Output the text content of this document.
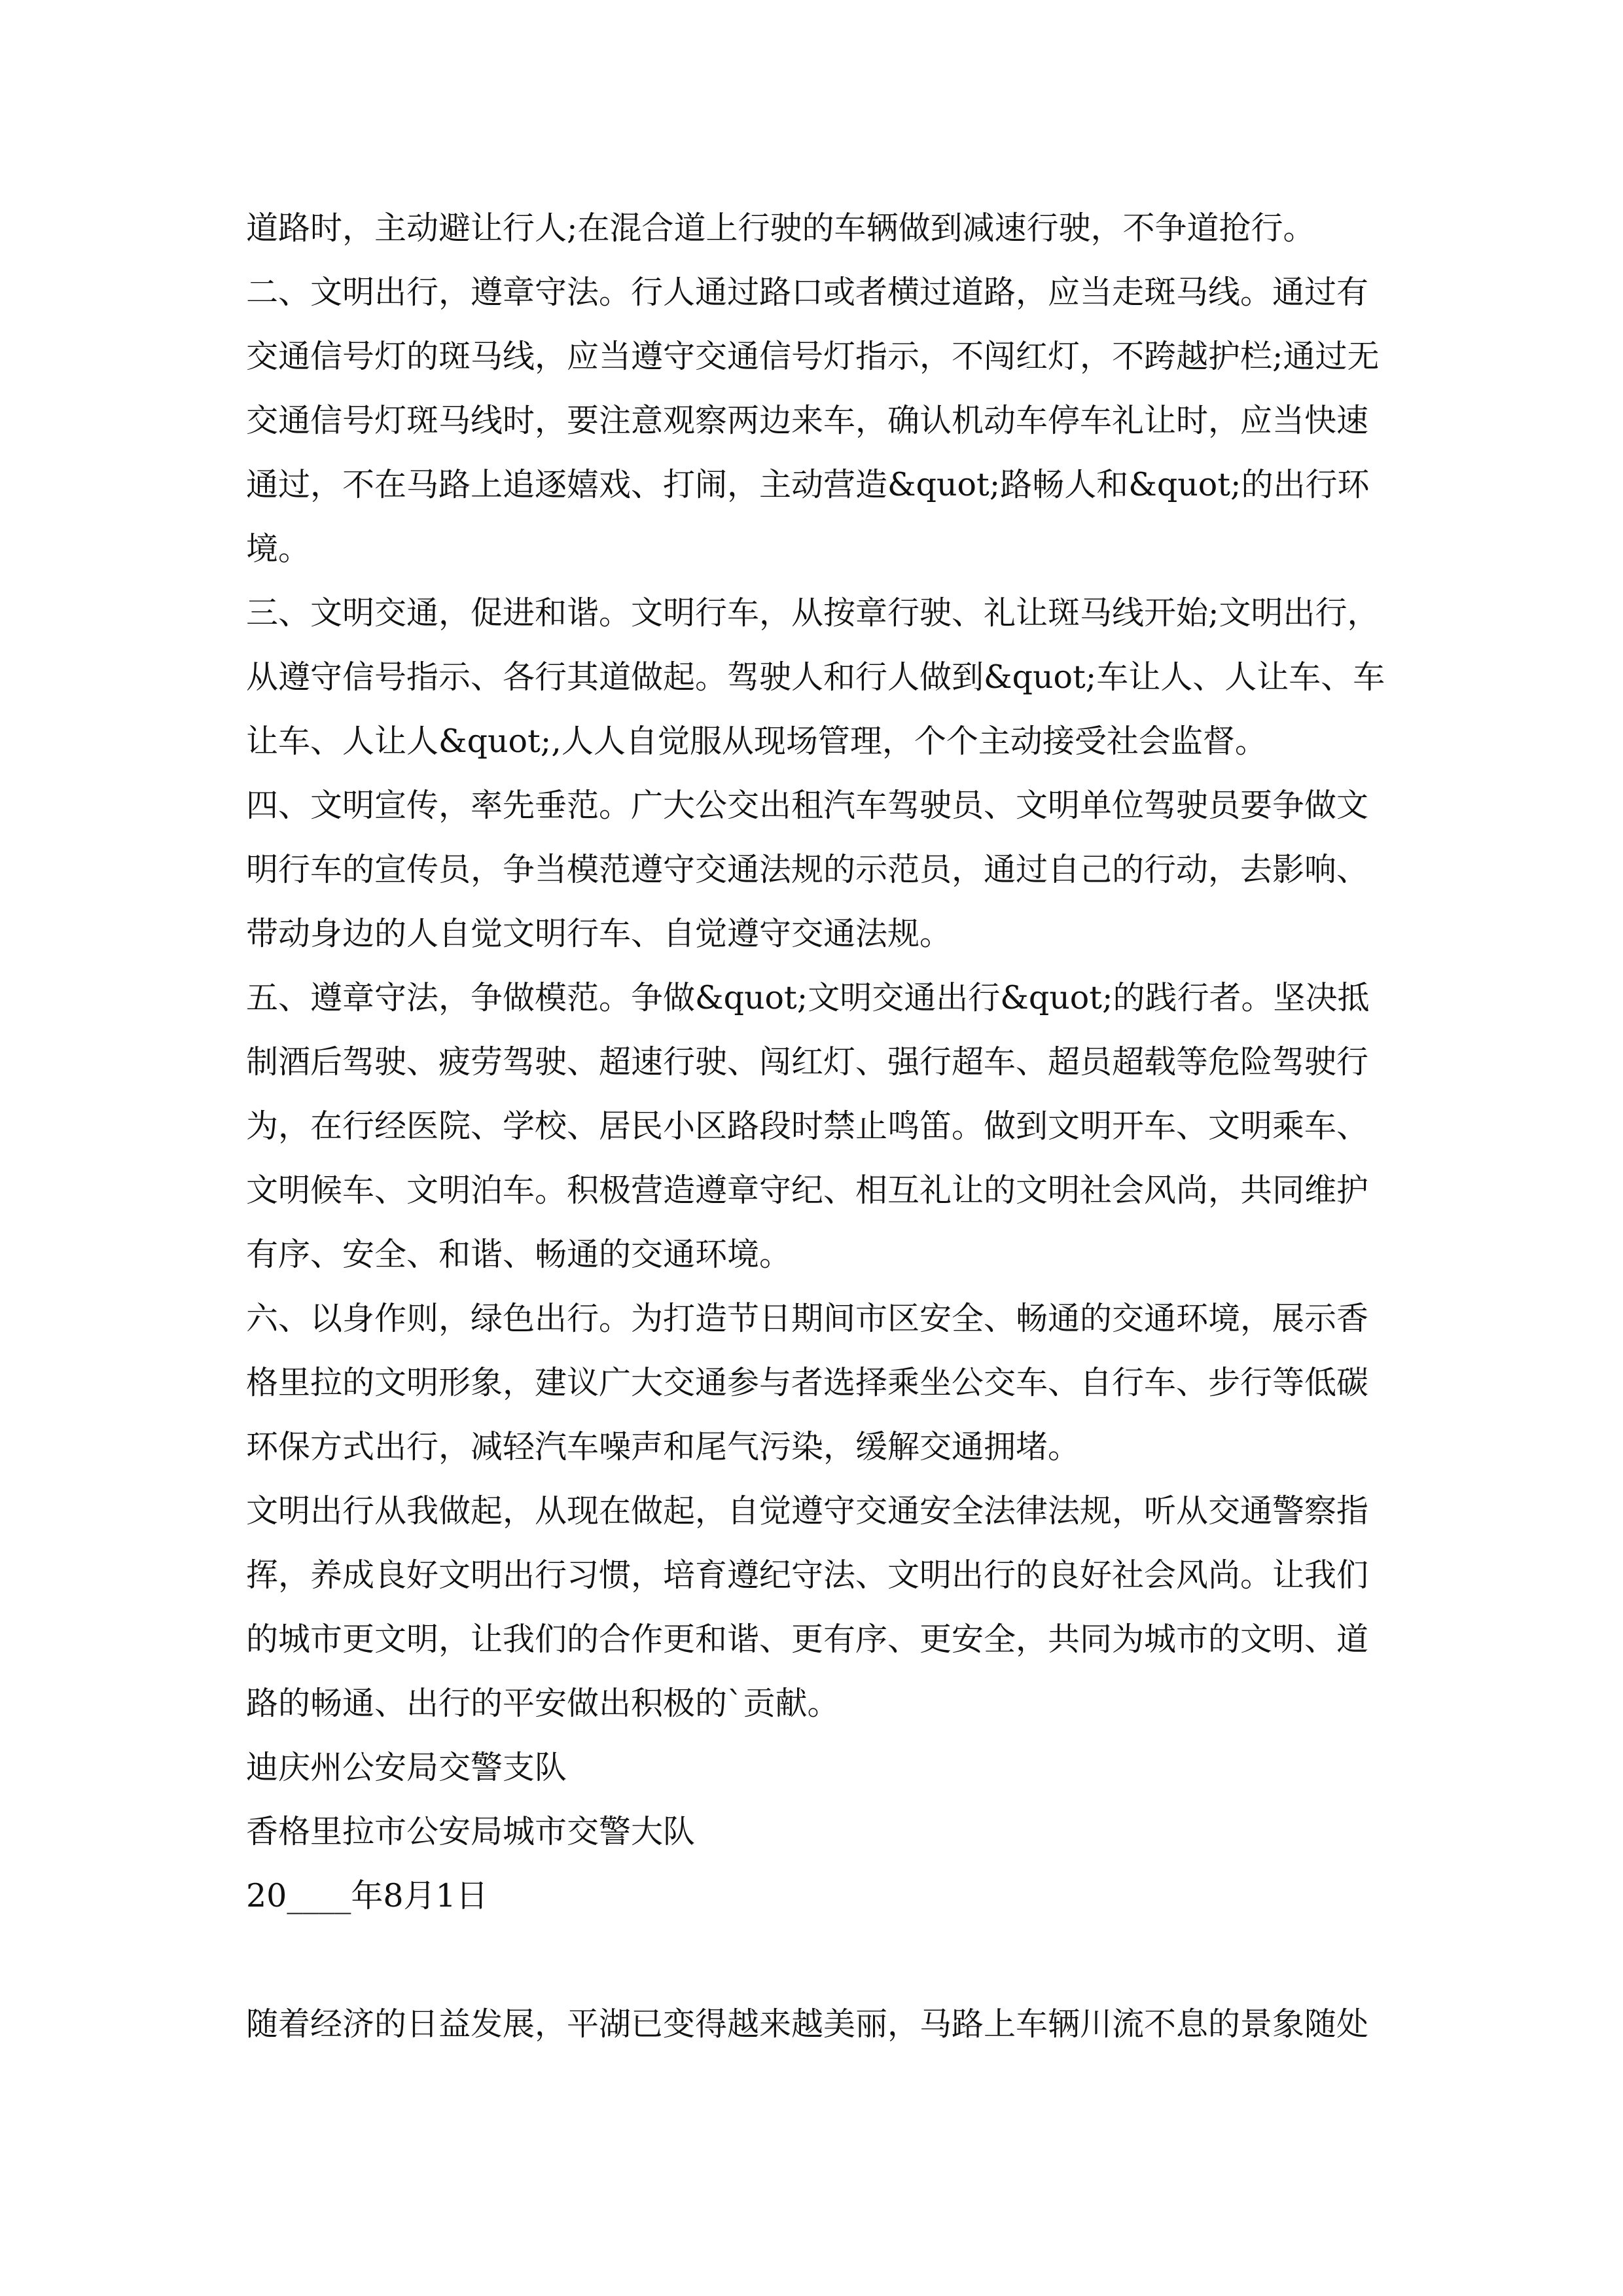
道路时，主动避让行人;在混合道上行驶的车辆做到减速行驶，不争道抢行。

二、文明出行，遵章守法。行人通过路口或者横过道路，应当走斑马线。通过有交通信号灯的斑马线，应当遵守交通信号灯指示，不闯红灯，不跨越护栏;通过无交通信号灯斑马线时，要注意观察两边来车，确认机动车停车礼让时，应当快速通过，不在马路上追逐嬉戏、打闹，主动营造&quot;路畅人和&quot;的出行环境。

三、文明交通，促进和谐。文明行车，从按章行驶、礼让斑马线开始;文明出行，从遵守信号指示、各行其道做起。驾驶人和行人做到&quot;车让人、人让车、车让车、人让人&quot;,人人自觉服从现场管理，个个主动接受社会监督。

四、文明宣传，率先垂范。广大公交出租汽车驾驶员、文明单位驾驶员要争做文明行车的宣传员，争当模范遵守交通法规的示范员，通过自己的行动，去影响、带动身边的人自觉文明行车、自觉遵守交通法规。

五、遵章守法，争做模范。争做&quot;文明交通出行&quot;的践行者。坚决抵制酒后驾驶、疲劳驾驶、超速行驶、闯红灯、强行超车、超员超载等危险驾驶行为，在行经医院、学校、居民小区路段时禁止鸣笛。做到文明开车、文明乘车、文明候车、文明泊车。积极营造遵章守纪、相互礼让的文明社会风尚，共同维护有序、安全、和谐、畅通的交通环境。

六、以身作则，绿色出行。为打造节日期间市区安全、畅通的交通环境，展示香格里拉的文明形象，建议广大交通参与者选择乘坐公交车、自行车、步行等低碳环保方式出行，减轻汽车噪声和尾气污染，缓解交通拥堵。

文明出行从我做起，从现在做起，自觉遵守交通安全法律法规，听从交通警察指挥，养成良好文明出行习惯，培育遵纪守法、文明出行的良好社会风尚。让我们的城市更文明，让我们的合作更和谐、更有序、更安全，共同为城市的文明、道路的畅通、出行的平安做出积极的`贡献。

迪庆州公安局交警支队

香格里拉市公安局城市交警大队

20____年8月1日

随着经济的日益发展，平湖已变得越来越美丽，马路上车辆川流不息的景象随处
